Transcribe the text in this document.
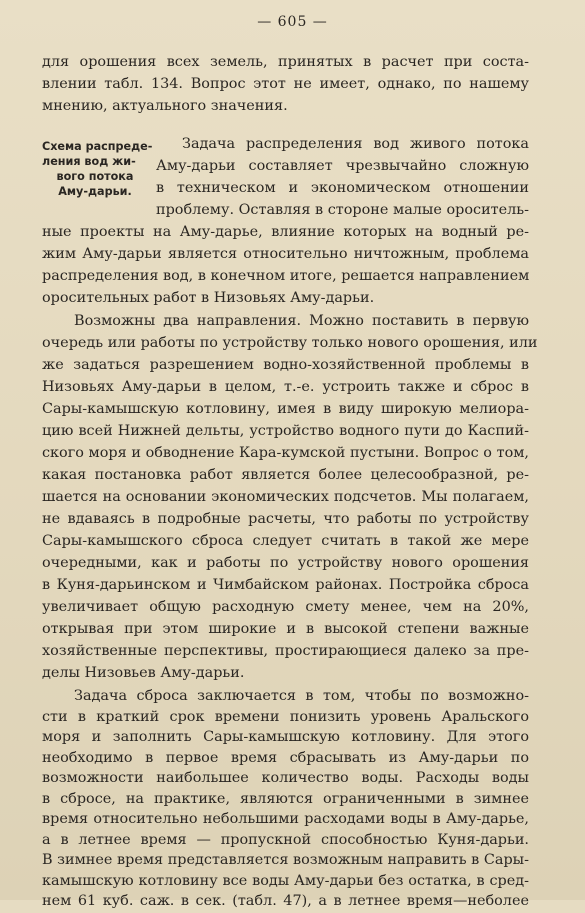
— 605 —
Схема распреде-
ления вод жи-
вого потока
Аму-дарьи.
для орошения всех земель, принятых в расчет при соста-
влении табл. 134. Вопрос этот не имеет, однако, по нашему
мнению, актуального значения.
Задача распределения вод живого потока
Аму-дарьи составляет чрезвычайно сложную
в техническом и экономическом отношении
проблему. Оставляя в стороне малые ороситель-
ные проекты на Аму-дарье, влияние которых на водный ре-
жим Аму-дарьи является относительно ничтожным, проблема
распределения вод, в конечном итоге, решается направлением
оросительных работ в Низовьях Аму-дарьи.
Возможны два направления. Можно поставить в первую
очередь или работы по устройству только нового орошения, или
же задаться разрешением водно-хозяйственной проблемы в
Низовьях Аму-дарьи в целом, т.-е. устроить также и сброс в
Сары-камышскую котловину, имея в виду широкую мелиора-
цию всей Нижней дельты, устройство водного пути до Каспий-
ского моря и обводнение Кара-кумской пустыни. Вопрос о том,
какая постановка работ является более целесообразной, ре-
шается на основании экономических подсчетов. Мы полагаем,
не вдаваясь в подробные расчеты, что работы по устройству
Сары-камышского сброса следует считать в такой же мере
очередными, как и работы по устройству нового орошения
в Куня-дарьинском и Чимбайском районах. Постройка сброса
увеличивает общую расходную смету менее, чем на 20%,
открывая при этом широкие и в высокой степени важные
хозяйственные перспективы, простирающиеся далеко за пре-
делы Низовьев Аму-дарьи.
Задача сброса заключается в том, чтобы по возможно-
сти в краткий срок времени понизить уровень Аральского
моря и заполнить Сары-камышскую котловину. Для этого
необходимо в первое время сбрасывать из Аму-дарьи по
возможности наибольшее количество воды. Расходы воды
в сбросе, на практике, являются ограниченными в зимнее
время относительно небольшими расходами воды в Аму-дарье,
а в летнее время — пропускной способностью Куня-дарьи.
В зимнее время представляется возможным направить в Сары-
камышскую котловину все воды Аму-дарьи без остатка, в сред-
нем 61 куб. саж. в сек. (табл. 47), а в летнее время—неболее
